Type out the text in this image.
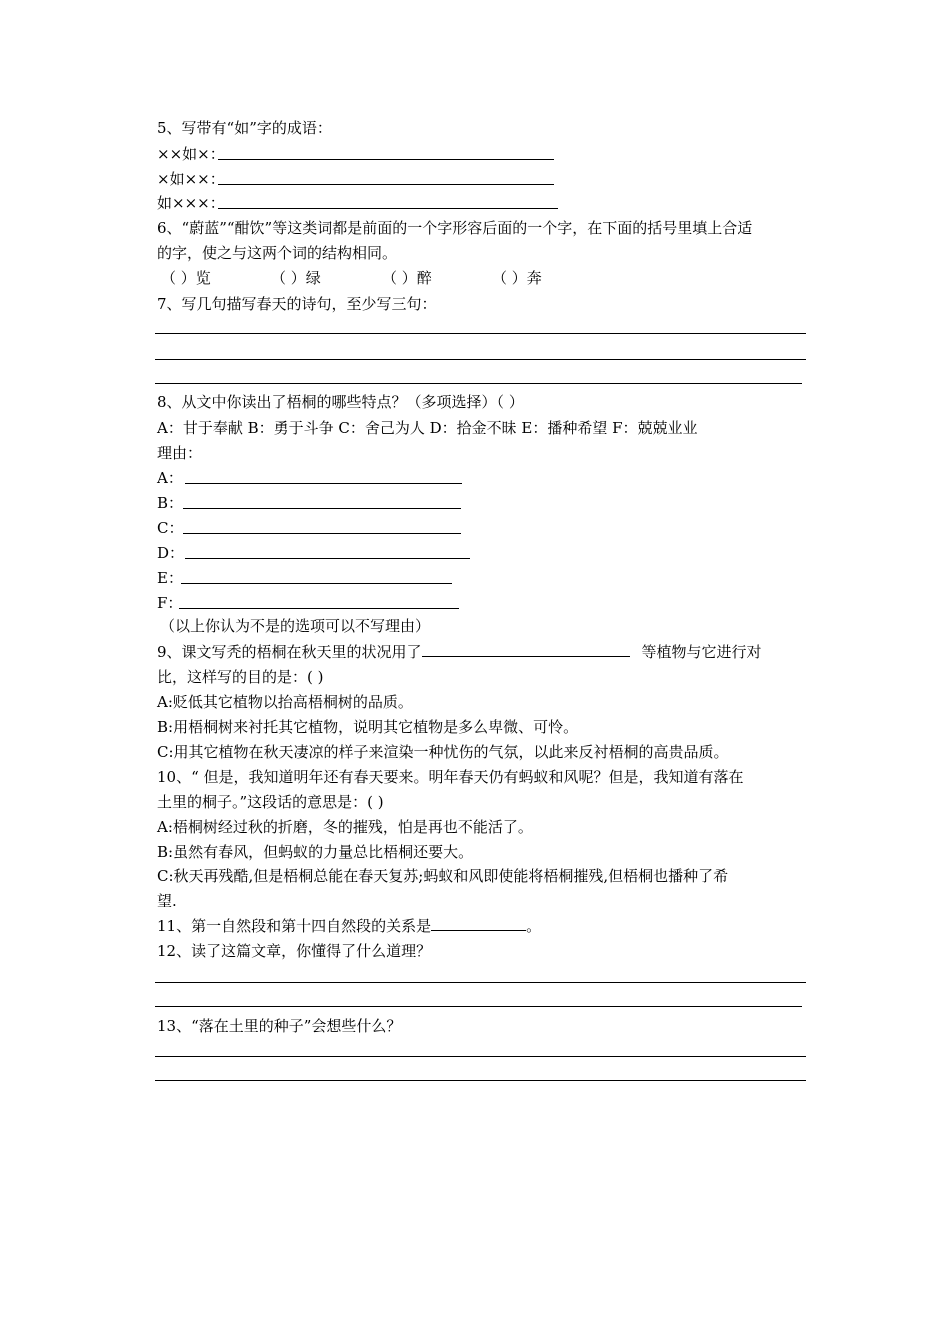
5、写带有“如”字的成语：
××如×：
×如××：
如×××：
6、“蔚蓝”“酣饮”等这类词都是前面的一个字形容后面的一个字，在下面的括号里填上合适
的字，使之与这两个词的结构相同。
（ ）览	（ ）绿	（ ）醉	（ ）奔
7、写几句描写春天的诗句，至少写三句：
8、从文中你读出了梧桐的哪些特点？（多项选择）（ ）
A：甘于奉献 B：勇于斗争 C：舍己为人 D：拾金不昧 E：播种希望 F：兢兢业业
理由：
A：
B：
C：
D：
E：
F：
（以上你认为不是的选项可以不写理由）
9、课文写秃的梧桐在秋天里的状况用了	等植物与它进行对
比，这样写的目的是：( )
A:贬低其它植物以抬高梧桐树的品质。
B:用梧桐树来衬托其它植物，说明其它植物是多么卑微、可怜。
C:用其它植物在秋天凄凉的样子来渲染一种忧伤的气氛，以此来反衬梧桐的高贵品质。
10、“ 但是，我知道明年还有春天要来。明年春天仍有蚂蚁和风呢？但是，我知道有落在
土里的桐子。”这段话的意思是：( )
A:梧桐树经过秋的折磨，冬的摧残，怕是再也不能活了。
B:虽然有春风，但蚂蚁的力量总比梧桐还要大。
C:秋天再残酷,但是梧桐总能在春天复苏;蚂蚁和风即使能将梧桐摧残,但梧桐也播种了希
望.
11、第一自然段和第十四自然段的关系是	。
12、读了这篇文章，你懂得了什么道理？
13、“落在土里的种子”会想些什么？
